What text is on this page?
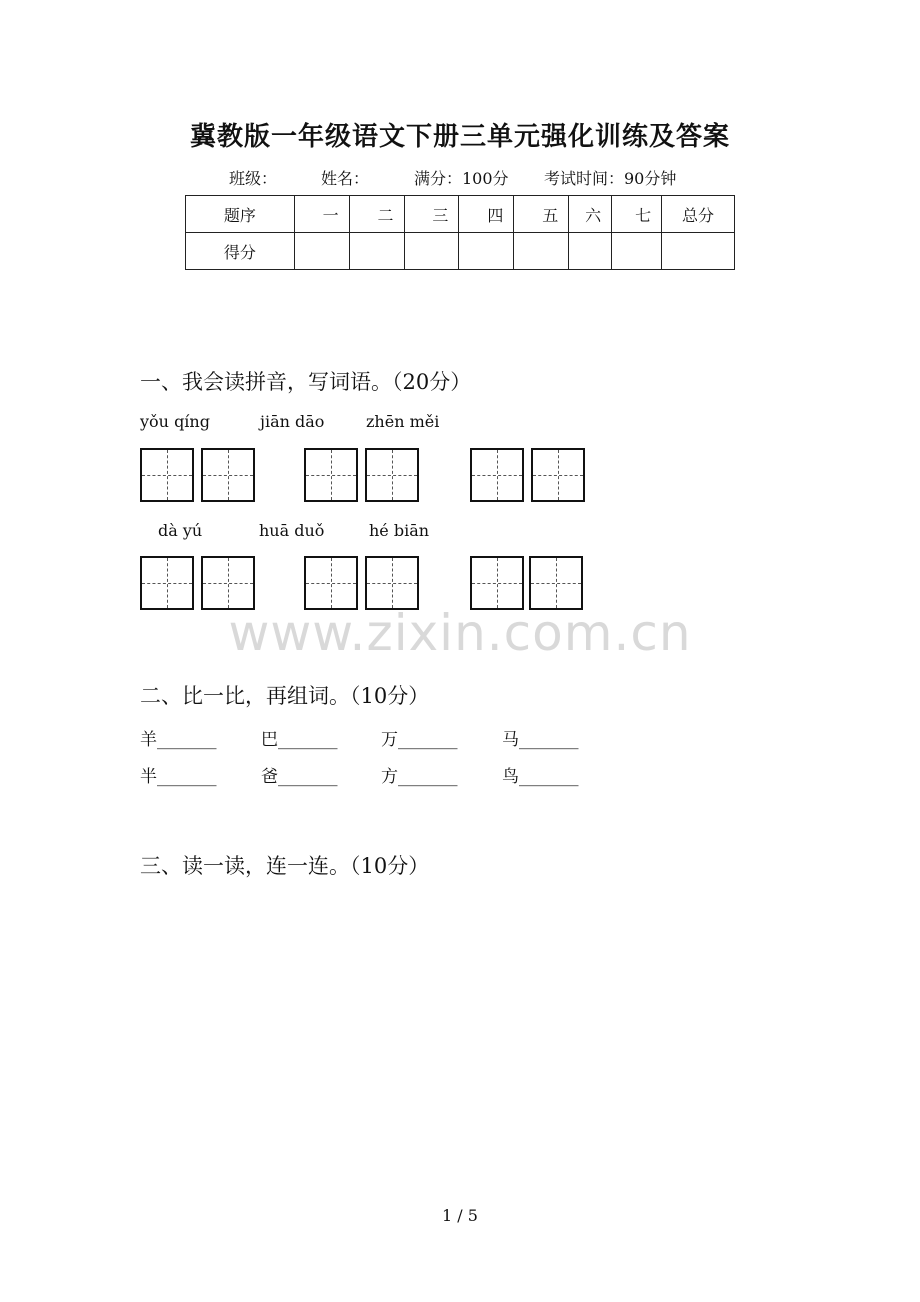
冀教版一年级语文下册三单元强化训练及答案
班级：	姓名：	满分：100分 考试时间：90分钟
题序	一	二	三	四	五	六	七	总分
得分								
一、我会读拼音，写词语。（20分）
yǒu qíng	jiān dāo	zhēn měi
dà yú	huā duǒ	hé biān
www.zixin.com.cn
二、比一比，再组词。（10分）
羊_______	巴_______	万_______	马_______
半_______	爸_______	方_______	鸟_______
三、读一读，连一连。（10分）
1 / 5
